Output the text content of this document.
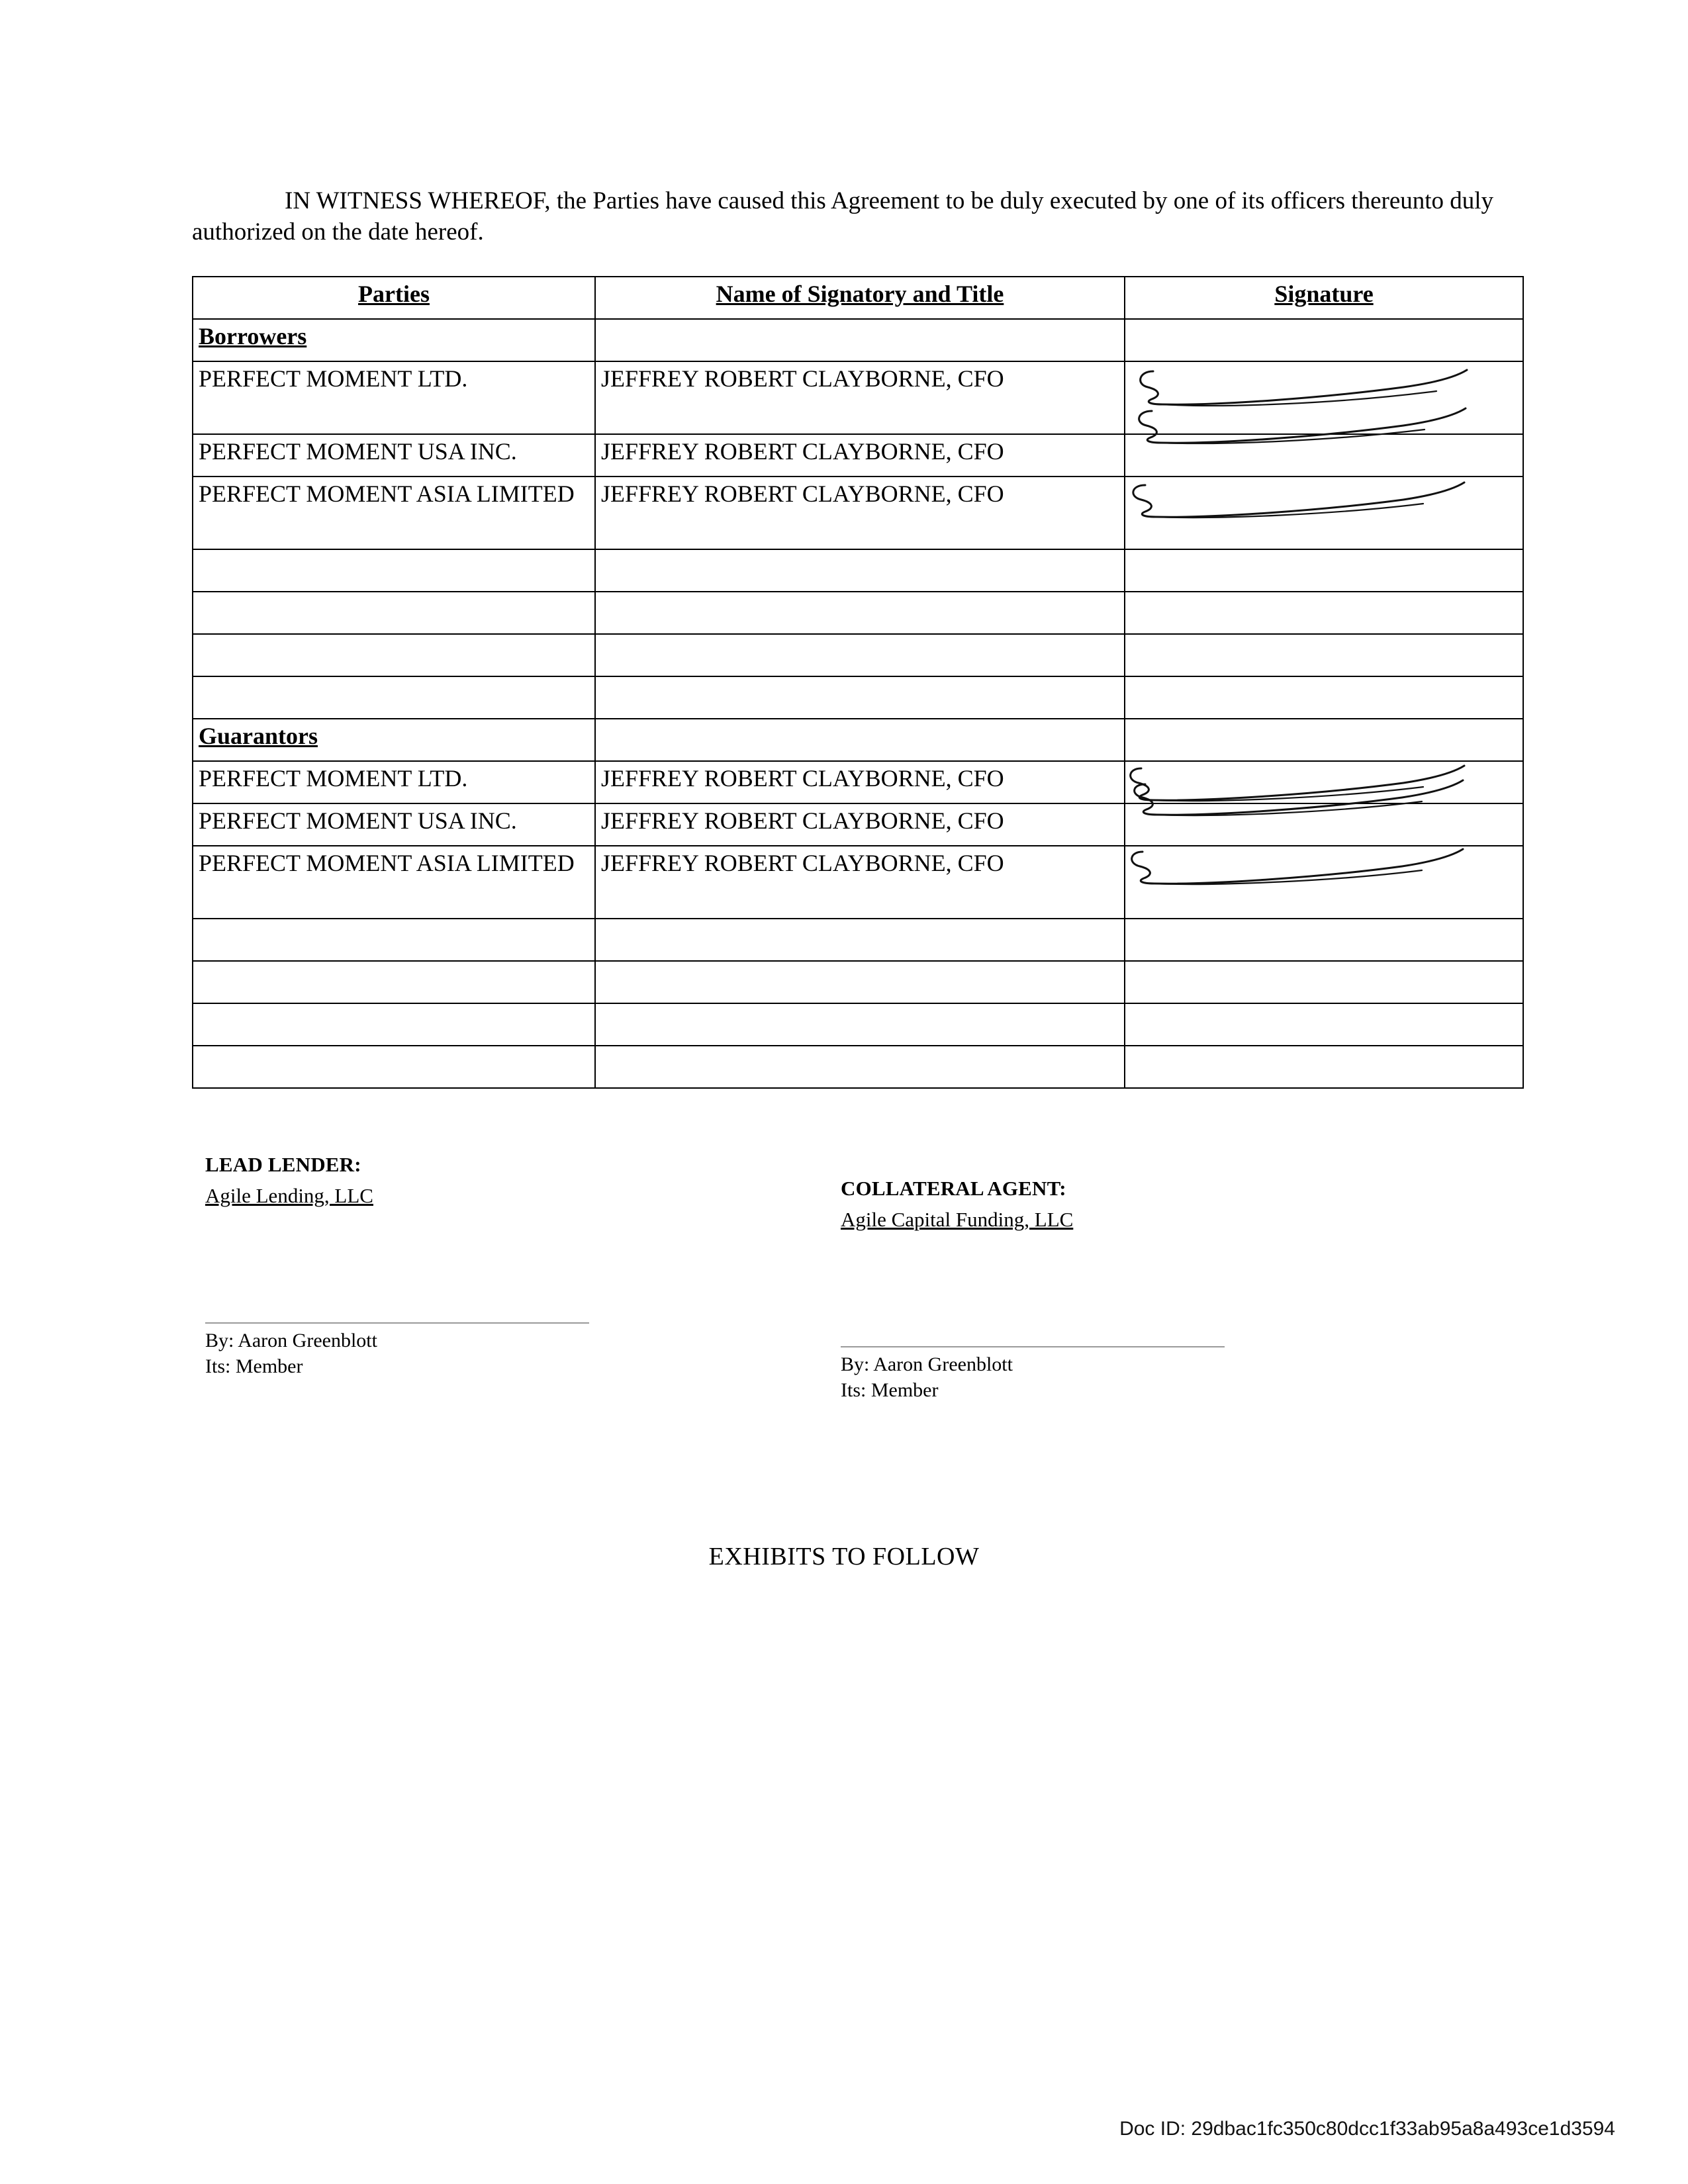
IN WITNESS WHEREOF, the Parties have caused this Agreement to be duly executed by one of its officers thereunto duly authorized on the date hereof.

Parties	Name of Signatory and Title	Signature
Borrowers		
PERFECT MOMENT LTD.	JEFFREY ROBERT CLAYBORNE, CFO	

PERFECT MOMENT USA INC.	JEFFREY ROBERT CLAYBORNE, CFO	

PERFECT MOMENT ASIA LIMITED	JEFFREY ROBERT CLAYBORNE, CFO	

Guarantors		
PERFECT MOMENT LTD.	JEFFREY ROBERT CLAYBORNE, CFO	

PERFECT MOMENT USA INC.	JEFFREY ROBERT CLAYBORNE, CFO	

PERFECT MOMENT ASIA LIMITED	JEFFREY ROBERT CLAYBORNE, CFO	

LEAD LENDER:
Agile Lending, LLC
By: Aaron Greenblott
Its: Member
COLLATERAL AGENT:
Agile Capital Funding, LLC
By: Aaron Greenblott
Its: Member
EXHIBITS TO FOLLOW
Doc ID: 29dbac1fc350c80dcc1f33ab95a8a493ce1d3594
